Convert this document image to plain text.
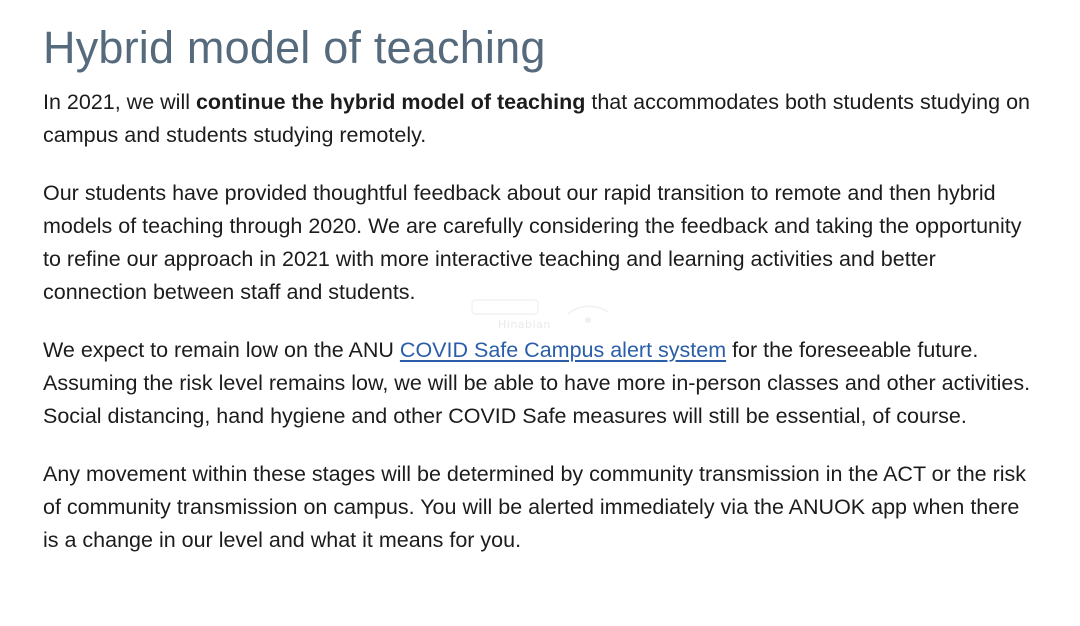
Hybrid model of teaching

In 2021, we will continue the hybrid model of teaching that accommodates both students studying on campus and students studying remotely.

Our students have provided thoughtful feedback about our rapid transition to remote and then hybrid models of teaching through 2020. We are carefully considering the feedback and taking the opportunity to refine our approach in 2021 with more interactive teaching and learning activities and better connection between staff and students.

We expect to remain low on the ANU COVID Safe Campus alert system for the foreseeable future. Assuming the risk level remains low, we will be able to have more in-person classes and other activities. Social distancing, hand hygiene and other COVID Safe measures will still be essential, of course.

Any movement within these stages will be determined by community transmission in the ACT or the risk of community transmission on campus. You will be alerted immediately via the ANUOK app when there is a change in our level and what it means for you.

Hinabian
